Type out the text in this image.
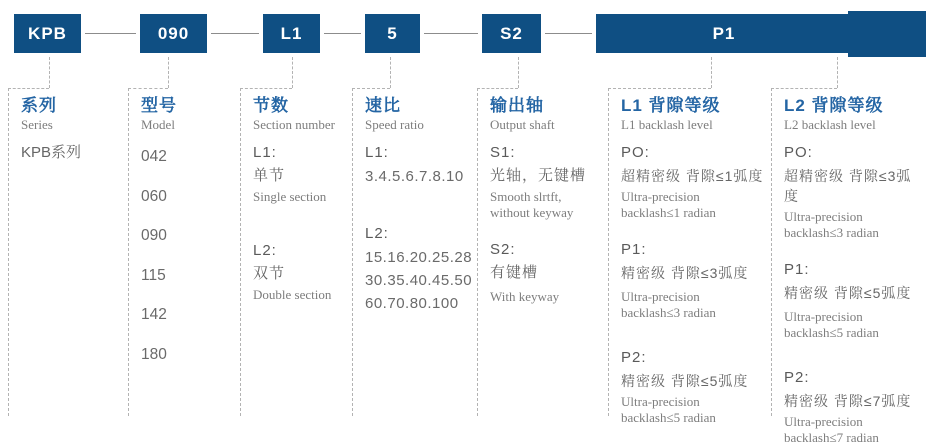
KPB	090	L1	5	S2	P1
系列
Series
KPB系列
型号
Model
042
060
090
115
142
180
节数
Section number
L1:
单节
Single section
L2:
双节
Double section
速比
Speed ratio
L1:
3.4.5.6.7.8.10
L2:
15.16.20.25.28
30.35.40.45.50
60.70.80.100
输出轴
Output shaft
S1:
光轴，无键槽
Smooth slrtft,
without keyway
S2:
有键槽
With keyway
L1 背隙等级
L1 backlash level
PO:
超精密级 背隙≤1弧度
Ultra-precision
backlash≤1 radian
P1:
精密级 背隙≤3弧度
Ultra-precision
backlash≤3 radian
P2:
精密级 背隙≤5弧度
Ultra-precision
backlash≤5 radian
L2 背隙等级
L2 backlash level
PO:
超精密级 背隙≤3弧度
Ultra-precision
backlash≤3 radian
P1:
精密级 背隙≤5弧度
Ultra-precision
backlash≤5 radian
P2:
精密级 背隙≤7弧度
Ultra-precision
backlash≤7 radian
